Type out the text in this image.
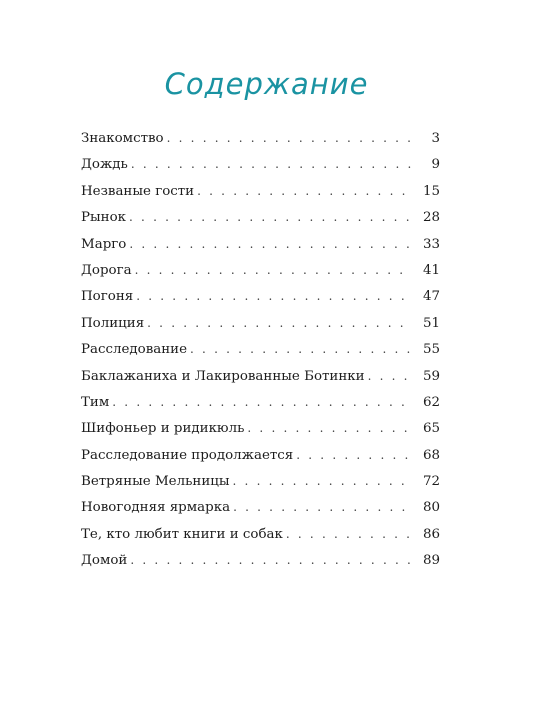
Содержание
Знакомство . . .	3
Дождь . . .	9
Незваные гости . . .	15
Рынок . . .	28
Марго . . .	33
Дорога . . .	41
Погоня . . .	47
Полиция . . .	51
Расследование . . .	55
Баклажаниха и Лакированные Ботинки . . .	59
Тим . . .	62
Шифоньер и ридикюль . . .	65
Расследование продолжается . . .	68
Ветряные Мельницы . . .	72
Новогодняя ярмарка . . .	80
Те, кто любит книги и собак . . .	86
Домой . . .	89
